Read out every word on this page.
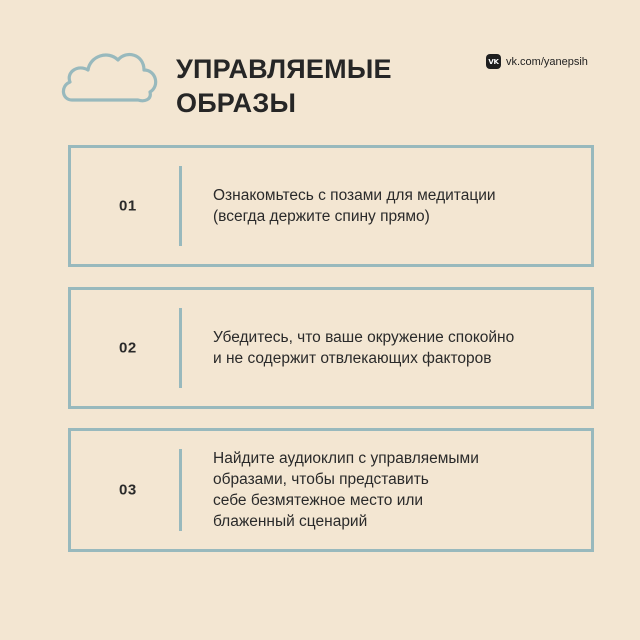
УПРАВЛЯЕМЫЕ
ОБРАЗЫ
VK vk.com/yanepsih
01
Ознакомьтесь с позами для медитации
(всегда держите спину прямо)
02
Убедитесь, что ваше окружение спокойно
и не содержит отвлекающих факторов
03
Найдите аудиоклип с управляемыми
образами, чтобы представить
себе безмятежное место или
блаженный сценарий
